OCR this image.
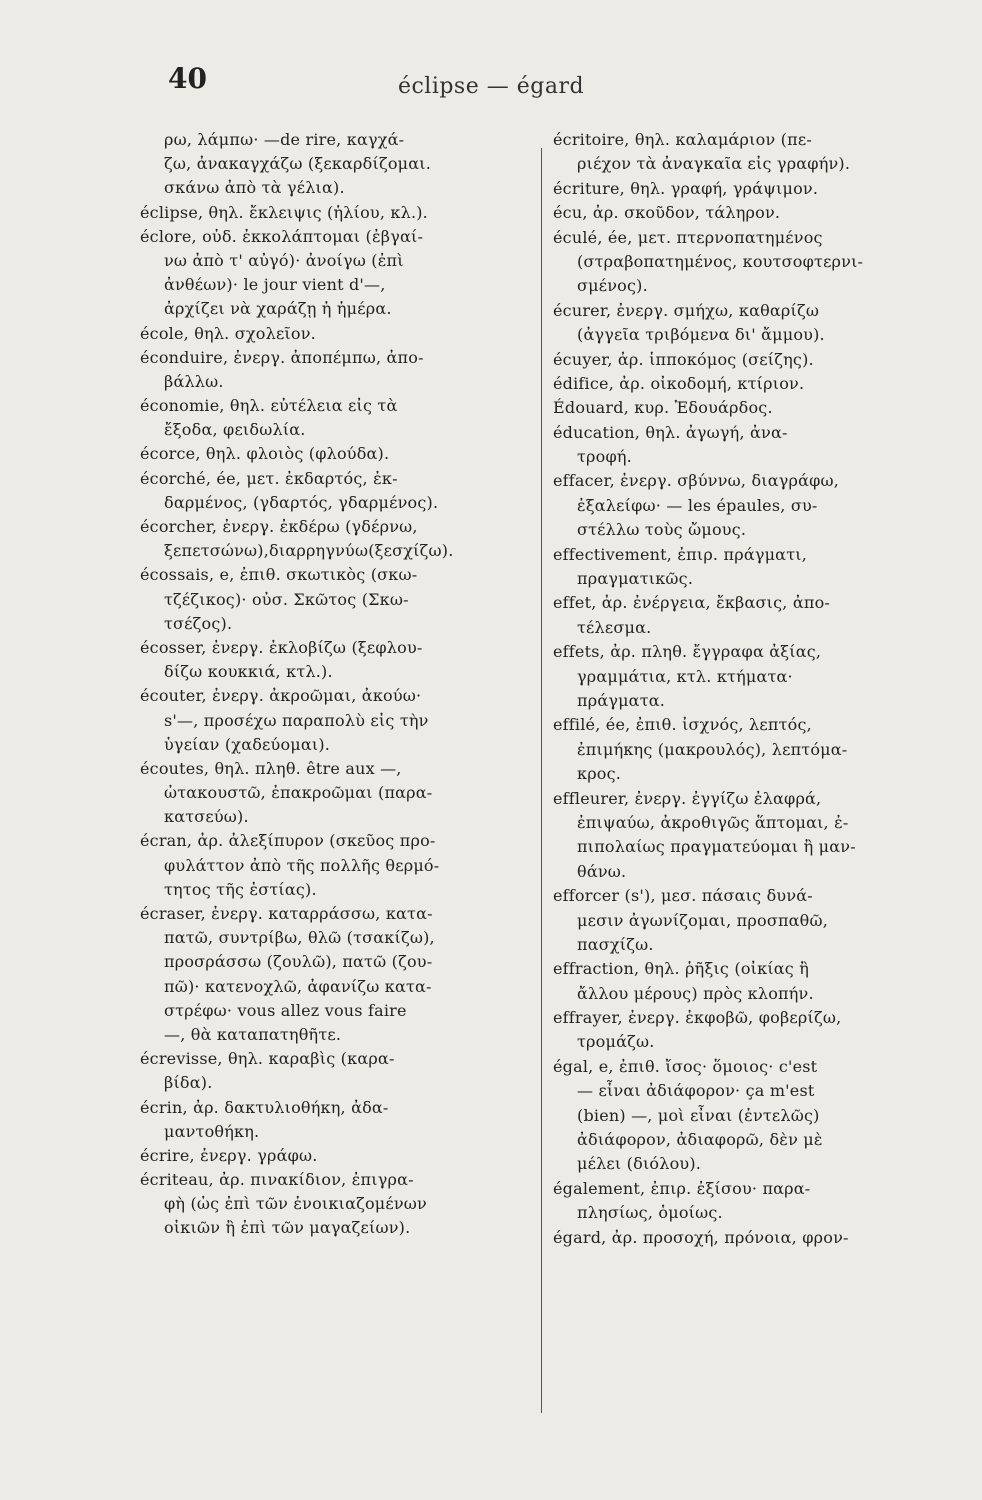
40	éclipse — égard
ρω, λάμπω· —de rire, καγχά-
ζω, ἀνακαγχάζω (ξεκαρδίζομαι.
σκάνω ἀπὸ τὰ γέλια).
éclipse, θηλ. ἔκλειψις (ἡλίου, κλ.).
éclore, οὐδ. ἐκκολάπτομαι (ἐβγαί-
νω ἀπὸ τ' αὐγό)· ἀνοίγω (ἐπὶ
ἀνθέων)· le jour vient d'—,
ἀρχίζει νὰ χαράζῃ ἡ ἡμέρα.
école, θηλ. σχολεῖον.
éconduire, ἐνεργ. ἀποπέμπω, ἀπο-
βάλλω.
économie, θηλ. εὐτέλεια εἰς τὰ
ἔξοδα, φειδωλία.
écorce, θηλ. φλοιὸς (φλούδα).
écorché, ée, μετ. ἐκδαρτός, ἐκ-
δαρμένος, (γδαρτός, γδαρμένος).
écorcher, ἐνεργ. ἐκδέρω (γδέρνω,
ξεπετσώνω),διαρρηγνύω(ξεσχίζω).
écossais, e, ἐπιθ. σκωτικὸς (σκω-
τζέζικος)· οὐσ. Σκῶτος (Σκω-
τσέζος).
écosser, ἐνεργ. ἐκλοβίζω (ξεφλου-
δίζω κουκκιά, κτλ.).
écouter, ἐνεργ. ἀκροῶμαι, ἀκούω·
s'—, προσέχω παραπολὺ εἰς τὴν
ὑγείαν (χαδεύομαι).
écoutes, θηλ. πληθ. être aux —,
ὠτακουστῶ, ἐπακροῶμαι (παρα-
κατσεύω).
écran, ἀρ. ἀλεξίπυρον (σκεῦος προ-
φυλάττον ἀπὸ τῆς πολλῆς θερμό-
τητος τῆς ἑστίας).
écraser, ἐνεργ. καταρράσσω, κατα-
πατῶ, συντρίβω, θλῶ (τσακίζω),
προσράσσω (ζουλῶ), πατῶ (ζου-
πῶ)· κατενοχλῶ, ἀφανίζω κατα-
στρέφω· vous allez vous faire
—, θὰ καταπατηθῆτε.
écrevisse, θηλ. καραβὶς (καρα-
βίδα).
écrin, ἀρ. δακτυλιοθήκη, ἀδα-
μαντοθήκη.
écrire, ἐνεργ. γράφω.
écriteau, ἀρ. πινακίδιον, ἐπιγρα-
φὴ (ὡς ἐπὶ τῶν ἐνοικιαζομένων
οἰκιῶν ἢ ἐπὶ τῶν μαγαζείων).
écritoire, θηλ. καλαμάριον (πε-
ριέχον τὰ ἀναγκαῖα εἰς γραφήν).
écriture, θηλ. γραφή, γράψιμον.
écu, ἀρ. σκοῦδον, τάληρον.
éculé, ée, μετ. πτερνοπατημένος
(στραβοπατημένος, κουτσοφτερνι-
σμένος).
écurer, ἐνεργ. σμήχω, καθαρίζω
(ἀγγεῖα τριβόμενα δι' ἄμμου).
écuyer, ἀρ. ἱπποκόμος (σείζης).
édifice, ἀρ. οἰκοδομή, κτίριον.
Édouard, κυρ. Ἐδουάρδος.
éducation, θηλ. ἀγωγή, ἀνα-
τροφή.
effacer, ἐνεργ. σβύννω, διαγράφω,
ἐξαλείφω· — les épaules, συ-
στέλλω τοὺς ὤμους.
effectivement, ἐπιρ. πράγματι,
πραγματικῶς.
effet, ἀρ. ἐνέργεια, ἔκβασις, ἀπο-
τέλεσμα.
effets, ἀρ. πληθ. ἔγγραφα ἀξίας,
γραμμάτια, κτλ. κτήματα·
πράγματα.
effilé, ée, ἐπιθ. ἰσχνός, λεπτός,
ἐπιμήκης (μακρουλός), λεπτόμα-
κρος.
effleurer, ἐνεργ. ἐγγίζω ἐλαφρά,
ἐπιψαύω, ἀκροθιγῶς ἅπτομαι, ἐ-
πιπολαίως πραγματεύομαι ἢ μαν-
θάνω.
efforcer (s'), μεσ. πάσαις δυνά-
μεσιν ἀγωνίζομαι, προσπαθῶ,
πασχίζω.
effraction, θηλ. ῥῆξις (οἰκίας ἢ
ἄλλου μέρους) πρὸς κλοπήν.
effrayer, ἐνεργ. ἐκφοβῶ, φοβερίζω,
τρομάζω.
égal, e, ἐπιθ. ἴσος· ὅμοιος· c'est
— εἶναι ἀδιάφορον· ça m'est
(bien) —, μοὶ εἶναι (ἐντελῶς)
ἀδιάφορον, ἀδιαφορῶ, δὲν μὲ
μέλει (διόλου).
également, ἐπιρ. ἐξίσου· παρα-
πλησίως, ὁμοίως.
égard, ἀρ. προσοχή, πρόνοια, φρον-
